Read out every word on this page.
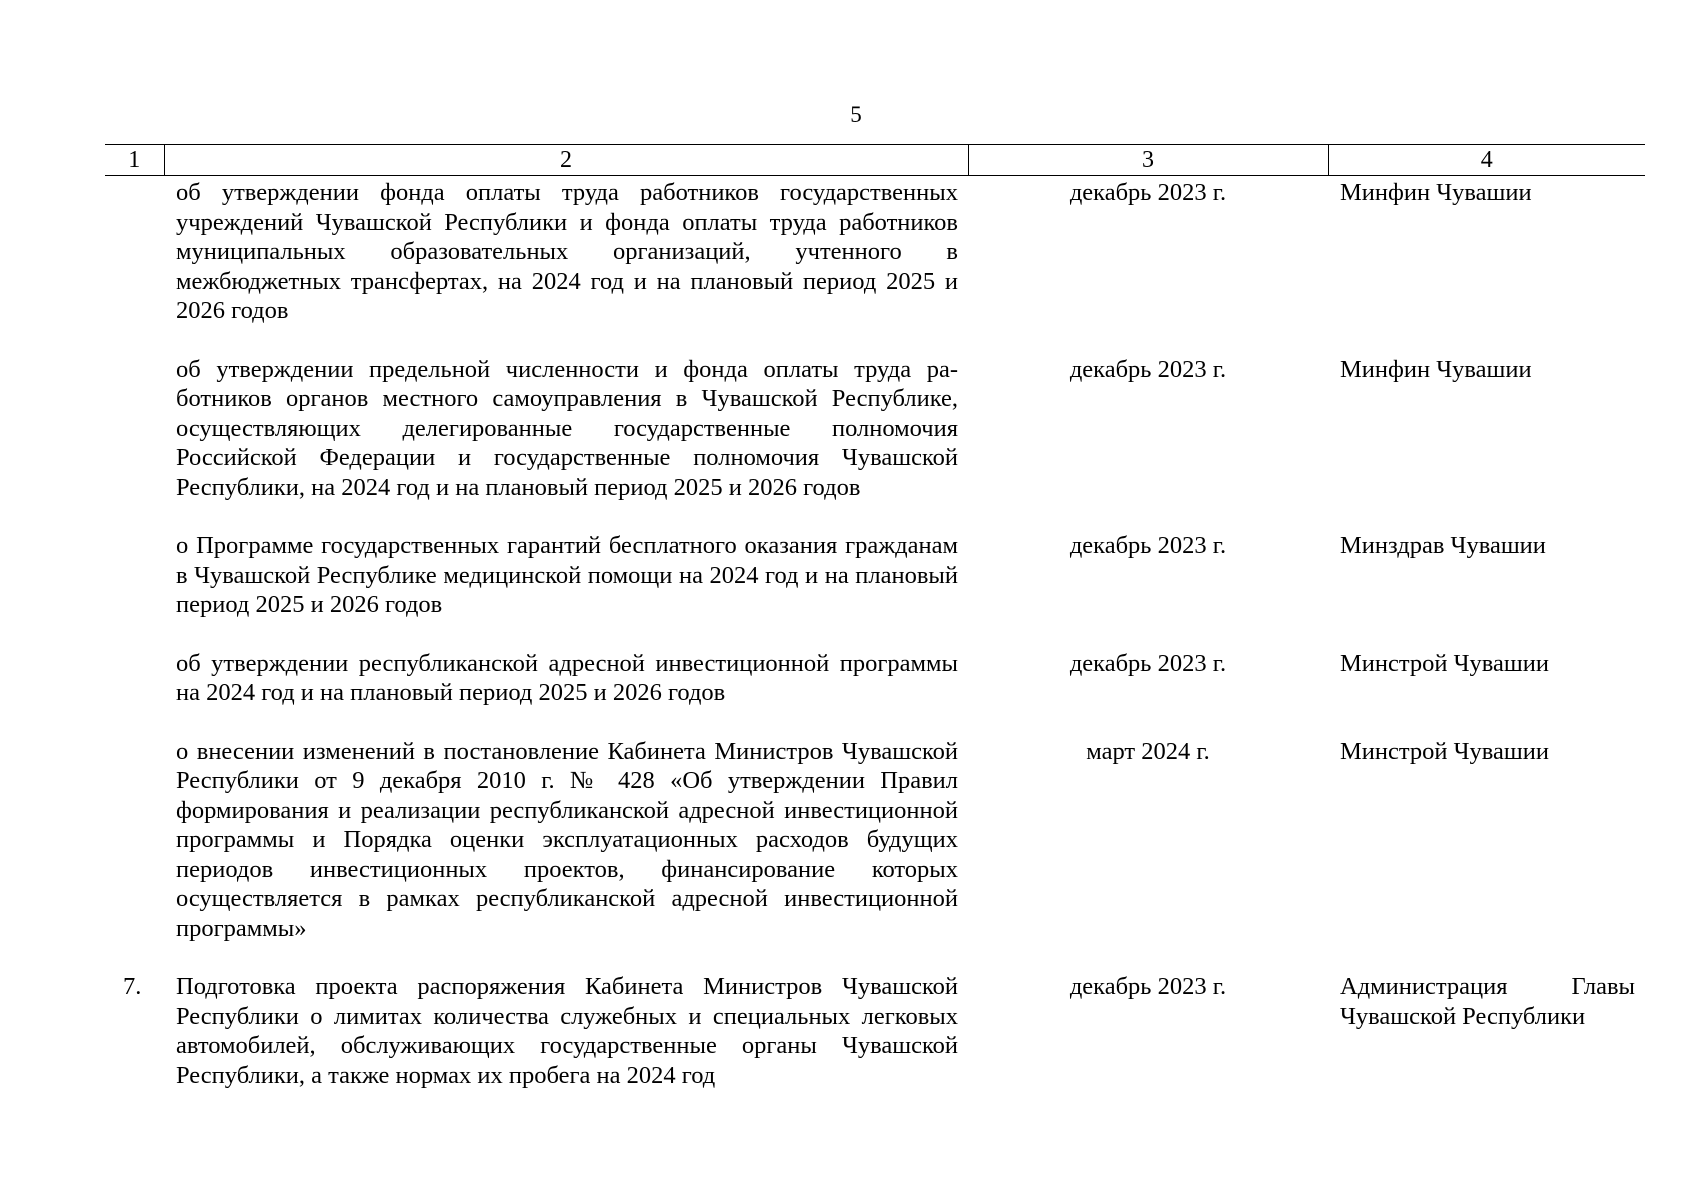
5
1	2	3	4
	об утверждении фонда оплаты труда работников государственных учреждений Чувашской Республики и фонда оплаты труда работников муниципальных образовательных организаций, учтенного в межбюджетных трансфертах, на 2024 год и на плановый период 2025 и 2026 годов	декабрь 2023 г.	Минфин Чувашии
	об утверждении предельной численности и фонда оплаты труда работников органов местного самоуправления в Чувашской Республике, осуществляющих делегированные государственные полномочия Российской Федерации и государственные полномочия Чувашской Республики, на 2024 год и на плановый период 2025 и 2026 годов	декабрь 2023 г.	Минфин Чувашии
	о Программе государственных гарантий бесплатного оказания гражданам в Чувашской Республике медицинской помощи на 2024 год и на плановый период 2025 и 2026 годов	декабрь 2023 г.	Минздрав Чувашии
	об утверждении республиканской адресной инвестиционной программы на 2024 год и на плановый период 2025 и 2026 годов	декабрь 2023 г.	Минстрой Чувашии
	о внесении изменений в постановление Кабинета Министров Чувашской Республики от 9 декабря 2010 г. № 428 «Об утверждении Правил формирования и реализации республиканской адресной инвестиционной программы и Порядка оценки эксплуатационных расходов будущих периодов инвестиционных проектов, финансирование которых осуществляется в рамках республиканской адресной инвестиционной программы»	март 2024 г.	Минстрой Чувашии
7.	Подготовка проекта распоряжения Кабинета Министров Чувашской Республики о лимитах количества служебных и специальных легковых автомобилей, обслуживающих государственные органы Чувашской Республики, а также нормах их пробега на 2024 год	декабрь 2023 г.	Администрация Главы Чувашской Республики
